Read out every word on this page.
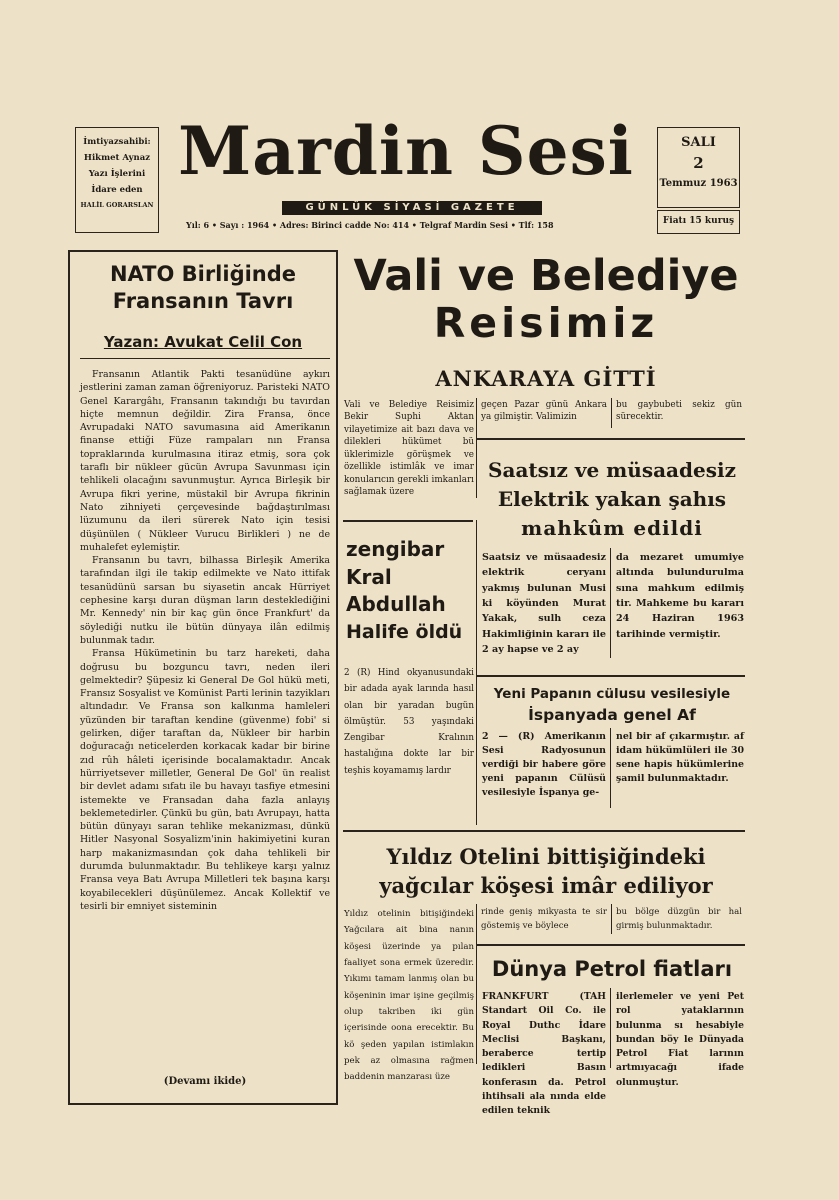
İmtiyazsahibi:
Hikmet Aynaz
Yazı İşlerini
İdare eden
HALİL GORARSLAN
Mardin Sesi
GÜNLÜK SİYASİ GAZETE
Yıl: 6 • Sayı : 1964 • Adres: Birinci cadde No: 414 • Telgraf Mardin Sesi • Tlf: 158
SALI
2
Temmuz 1963
Fiatı 15 kuruş
NATO Birliğinde
Fransanın Tavrı
Yazan: Avukat Celil Con

Fransanın Atlantik Pakti tesanüdüne aykırı jestlerini zaman zaman öğreniyoruz. Paristeki NATO Genel Karargâhı, Fransanın takındığı bu tavırdan hiçte memnun değildir. Zira Fransa, önce Avrupadaki NATO savumasına aid Amerikanın finanse ettiği Füze rampaları nın Fransa topraklarında kurulmasına itiraz etmiş, sora çok taraflı bir nükleer gücün Avrupa Savunması için tehlikeli olacağını savunmuştur. Ayrıca Birleşik bir Avrupa fikri yerine, müstakil bir Avrupa fikrinin Nato zihniyeti çerçevesinde bağdaştırılması lüzumunu da ileri sürerek Nato için tesisi düşünülen ( Nükleer Vurucu Birlikleri ) ne de muhalefet eylemiştir.

Fransanın bu tavrı, bilhassa Birleşik Amerika tarafından ilgi ile takip edilmekte ve Nato ittifak tesanüdünü sarsan bu siyasetin ancak Hürriyet cephesine karşı duran düşman ların desteklediğini Mr. Kennedy' nin bir kaç gün önce Frankfurt' da söylediği nutku ile bütün dünyaya ilân edilmiş bulunmak tadır.

Fransa Hükümetinin bu tarz hareketi, daha doğrusu bu bozguncu tavrı, neden ileri gelmektedir? Şüpesiz ki General De Gol hükü meti, Fransız Sosyalist ve Komünist Parti lerinin tazyikları altındadır. Ve Fransa son kalkınma hamleleri yüzünden bir taraftan kendine (güvenme) fobi' si gelirken, diğer taraftan da, Nükleer bir harbin doğuracağı neticelerden korkacak kadar bir birine zıd rûh hâleti içerisinde bocalamaktadır. Ancak hürriyetsever milletler, General De Gol' ün realist bir devlet adamı sıfatı ile bu havayı tasfiye etmesini istemekte ve Fransadan daha fazla anlayış beklemetedirler. Çünkü bu gün, batı Avrupayı, hatta bütün dünyayı saran tehlike mekanizması, dünkü Hitler Nasyonal Sosyalizm'inin hakimiyetini kuran harp makanizmasından çok daha tehlikeli bir durumda bulunmaktadır. Bu tehlikeye karşı yalnız Fransa veya Batı Avrupa Milletleri tek başına karşı koyabilecekleri düşünülemez. Ancak Kollektif ve tesirli bir emniyet sisteminin

(Devamı ikide)
Vali ve Belediye
Reisimiz
ANKARAYA GİTTİ
Vali ve Belediye Reisimiz Bekir Suphi Aktan vilayetimize ait bazı dava ve dilekleri hükümet bü üklerimizle görüşmek ve özellikle istimlâk ve imar konularıcın gerekli imkanları sağlamak üzere
geçen Pazar günü Ankara ya gilmiştir. Valimizin
bu gaybubeti sekiz gün sürecektir.
zengibar
Kral
Abdullah
Halife öldü
2 (R) Hind okyanusundaki bir adada ayak larında hasıl olan bir yaradan bugün ölmüştür. 53 yaşındaki Zengibar Kralının hastalığına dokte lar bir teşhis koyamamış lardır
Saatsız ve müsaadesiz
Elektrik yakan şahıs
mahkûm edildi
Saatsiz ve müsaadesiz elektrik ceryanı yakmış bulunan Musi ki köyünden Murat Yakak, sulh ceza Hakimliğinin kararı ile 2 ay hapse ve 2 ay
da mezaret umumiye altında bulundurulma sına mahkum edilmiş tir. Mahkeme bu kararı 24 Haziran 1963 tarihinde vermiştir.
Yeni Papanın cülusu vesilesiyle
İspanyada genel Af
2 — (R) Amerikanın Sesi Radyosunun verdiği bir habere göre yeni papanın Cülüsü vesilesiyle İspanya ge-
nel bir af çıkarmıştır. af idam hükümlüleri ile 30 sene hapis hükümlerine şamil bulunmaktadır.
Yıldız Otelini bittişiğindeki
yağcılar köşesi imâr ediliyor
Yıldız otelinin bitişiğindeki Yağcılara ait bina nanın köşesi üzerinde ya pılan faaliyet sona ermek üzeredir. Yıkımı tamam lanmış olan bu köşeninin imar işine geçilmiş olup takriben iki gün içerisinde oona erecektir. Bu kö şeden yapılan istimlakın pek az olmasına rağmen baddenin manzarası üze
rinde geniş mikyasta te sir göstemiş ve böylece
bu bölge düzgün bir hal girmiş bulunmaktadır.
Dünya Petrol fiatları
FRANKFURT (TAH Standart Oil Co. ile Royal Duthc İdare Meclisi Başkanı, beraberce tertip ledikleri Basın konferasın da. Petrol ihtihsali ala nında elde edilen teknik
ilerlemeler ve yeni Pet rol yataklarının bulunma sı hesabiyle bundan böy le Dünyada Petrol Fiat larının artmıyacağı ifade olunmuştur.
